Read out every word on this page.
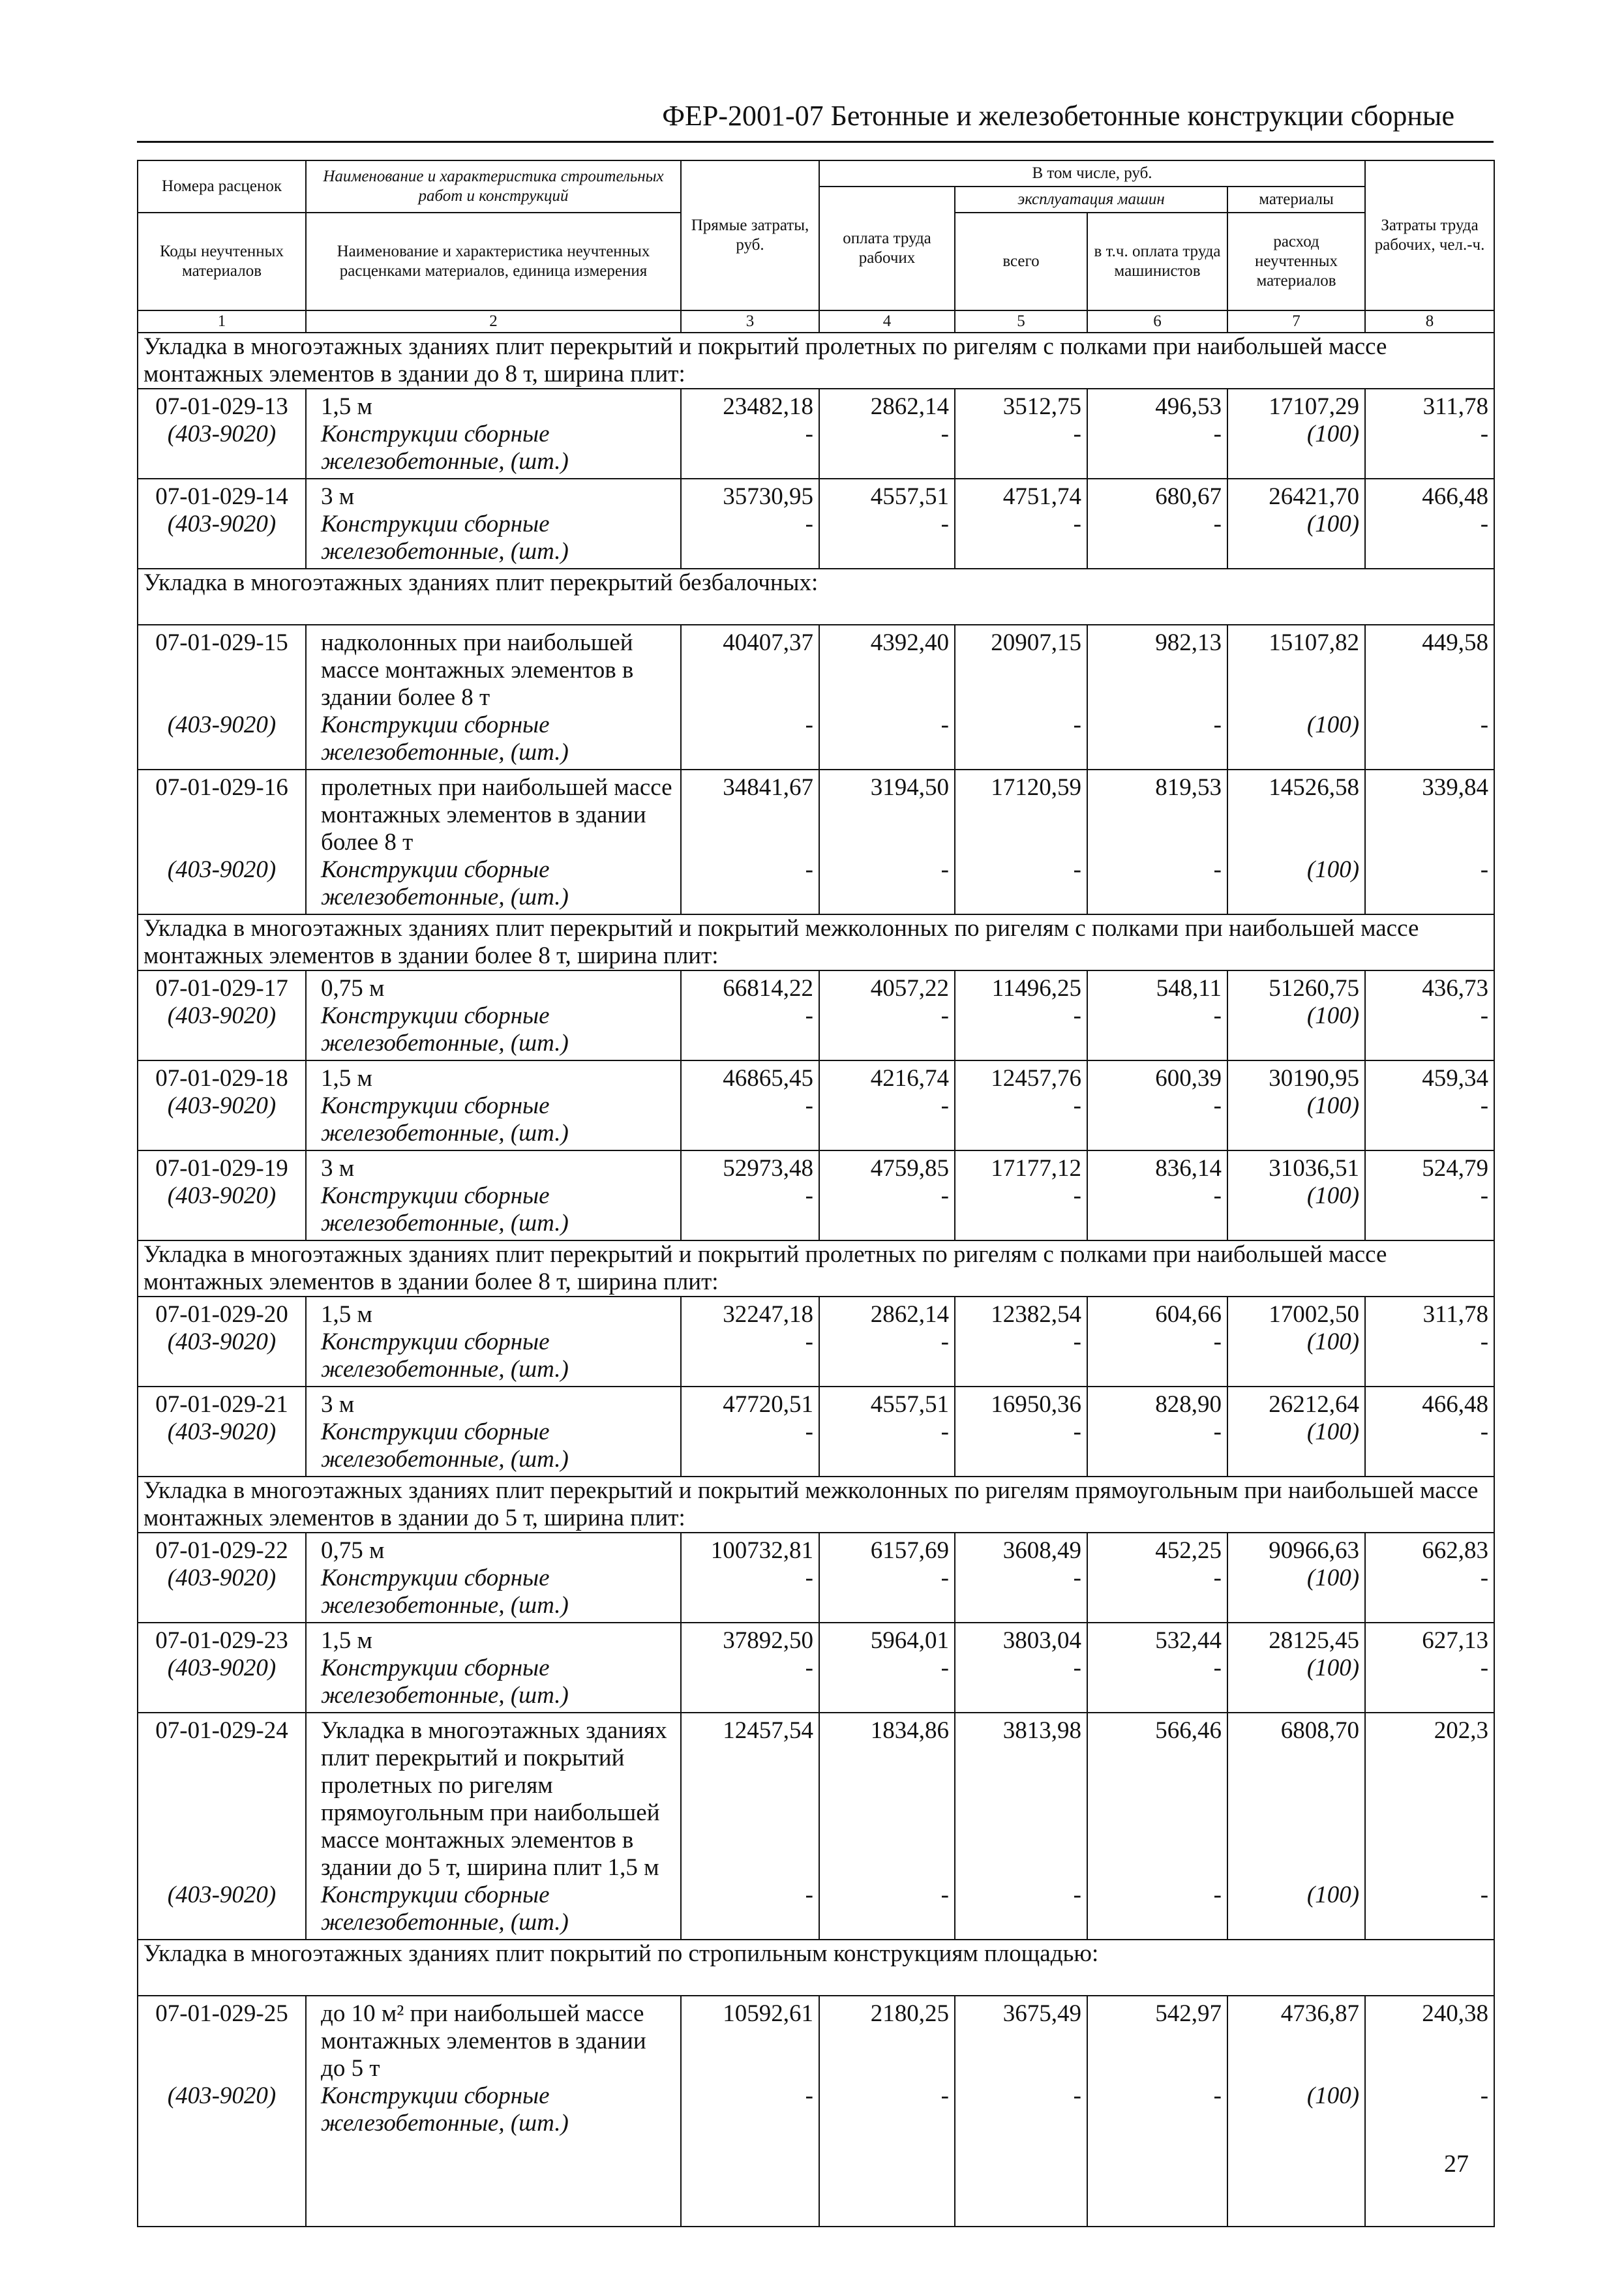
ФЕР-2001-07 Бетонные и железобетонные конструкции сборные
Номера расценок	Наименование и характеристика строительных работ и конструкций	Прямые затраты, руб.	В том числе, руб.				Затраты труда рабочих, чел.-ч.
			оплата труда рабочих	эксплуатация машин		материалы	
Коды неучтенных материалов	Наименование и характеристика неучтенных расценками материалов, единица измерения			всего	в т.ч. оплата труда машинистов	расход неучтенных материалов	
1	2	3	4	5	6	7	8
Укладка в многоэтажных зданиях плит перекрытий и покрытий пролетных по ригелям с полками при наибольшей массе монтажных элементов в здании до 8 т, ширина плит:							
07-01-029-13	1,5 м	23482,18	2862,14	3512,75	496,53	17107,29	311,78
(403-9020)	Конструкции сборные железобетонные, (шт.)	-	-	-	-	(100)	-
07-01-029-14	3 м	35730,95	4557,51	4751,74	680,67	26421,70	466,48
(403-9020)	Конструкции сборные железобетонные, (шт.)	-	-	-	-	(100)	-
Укладка в многоэтажных зданиях плит перекрытий безбалочных:							
07-01-029-15	надколонных при наибольшей массе монтажных элементов в здании более 8 т	40407,37	4392,40	20907,15	982,13	15107,82	449,58
(403-9020)	Конструкции сборные железобетонные, (шт.)	-	-	-	-	(100)	-
07-01-029-16	пролетных при наибольшей массе монтажных элементов в здании более 8 т	34841,67	3194,50	17120,59	819,53	14526,58	339,84
(403-9020)	Конструкции сборные железобетонные, (шт.)	-	-	-	-	(100)	-
Укладка в многоэтажных зданиях плит перекрытий и покрытий межколонных по ригелям с полками при наибольшей массе монтажных элементов в здании более 8 т, ширина плит:							
07-01-029-17	0,75 м	66814,22	4057,22	11496,25	548,11	51260,75	436,73
(403-9020)	Конструкции сборные железобетонные, (шт.)	-	-	-	-	(100)	-
07-01-029-18	1,5 м	46865,45	4216,74	12457,76	600,39	30190,95	459,34
(403-9020)	Конструкции сборные железобетонные, (шт.)	-	-	-	-	(100)	-
07-01-029-19	3 м	52973,48	4759,85	17177,12	836,14	31036,51	524,79
(403-9020)	Конструкции сборные железобетонные, (шт.)	-	-	-	-	(100)	-
Укладка в многоэтажных зданиях плит перекрытий и покрытий пролетных по ригелям с полками при наибольшей массе монтажных элементов в здании более 8 т, ширина плит:							
07-01-029-20	1,5 м	32247,18	2862,14	12382,54	604,66	17002,50	311,78
(403-9020)	Конструкции сборные железобетонные, (шт.)	-	-	-	-	(100)	-
07-01-029-21	3 м	47720,51	4557,51	16950,36	828,90	26212,64	466,48
(403-9020)	Конструкции сборные железобетонные, (шт.)	-	-	-	-	(100)	-
Укладка в многоэтажных зданиях плит перекрытий и покрытий межколонных по ригелям прямоугольным при наибольшей массе монтажных элементов в здании до 5 т, ширина плит:							
07-01-029-22	0,75 м	100732,81	6157,69	3608,49	452,25	90966,63	662,83
(403-9020)	Конструкции сборные железобетонные, (шт.)	-	-	-	-	(100)	-
07-01-029-23	1,5 м	37892,50	5964,01	3803,04	532,44	28125,45	627,13
(403-9020)	Конструкции сборные железобетонные, (шт.)	-	-	-	-	(100)	-
07-01-029-24	Укладка в многоэтажных зданиях плит перекрытий и покрытий пролетных по ригелям прямоугольным при наибольшей массе монтажных элементов в здании до 5 т, ширина плит 1,5 м	12457,54	1834,86	3813,98	566,46	6808,70	202,3
(403-9020)	Конструкции сборные железобетонные, (шт.)	-	-	-	-	(100)	-
Укладка в многоэтажных зданиях плит покрытий по стропильным конструкциям площадью:							
07-01-029-25	до 10 м² при наибольшей массе монтажных элементов в здании до 5 т	10592,61	2180,25	3675,49	542,97	4736,87	240,38
(403-9020)	Конструкции сборные железобетонные, (шт.)	-	-	-	-	(100)	-

27
